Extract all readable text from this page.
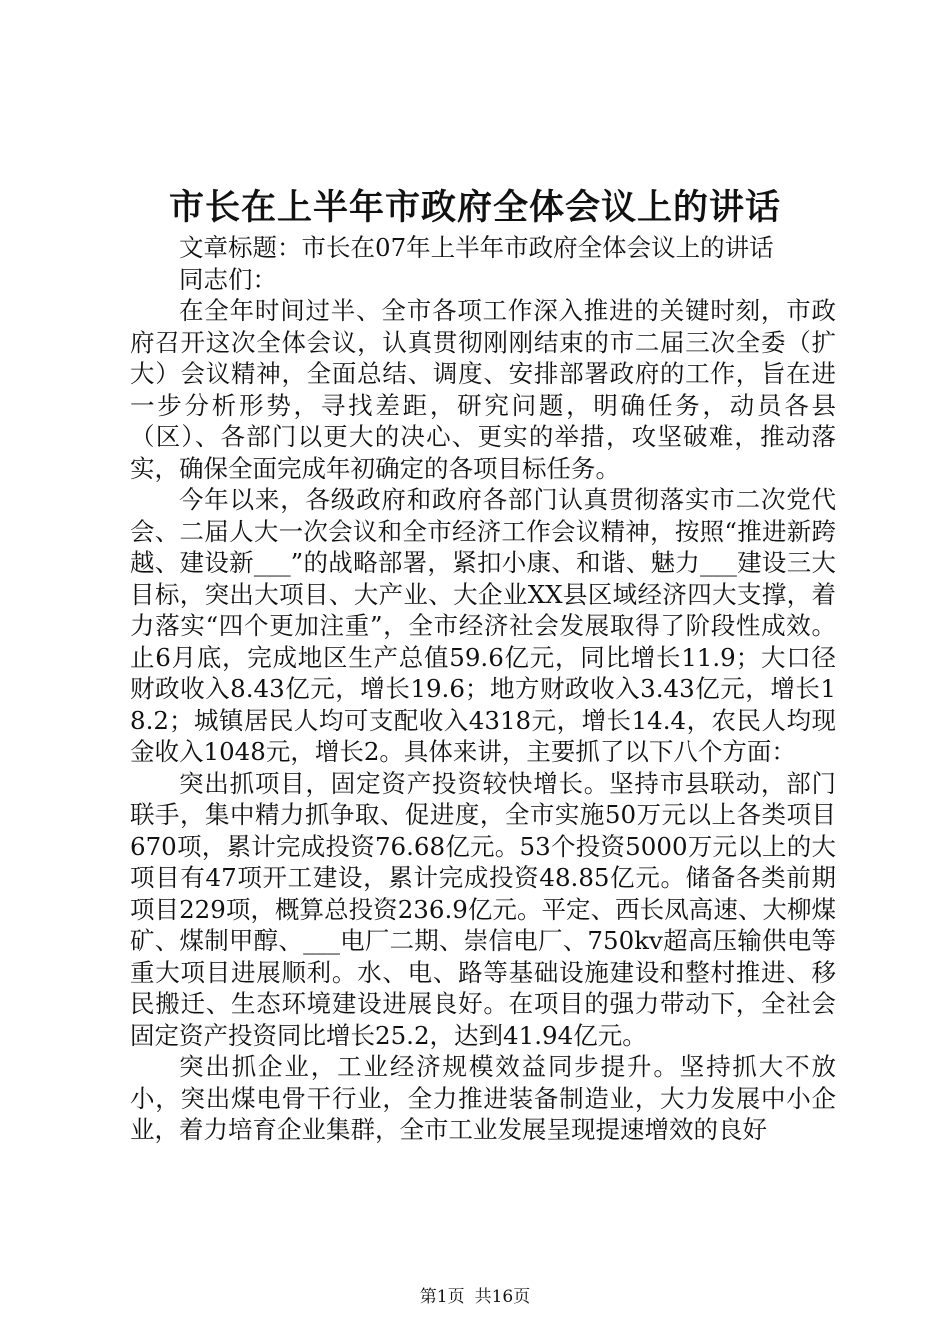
市长在上半年市政府全体会议上的讲话

文章标题：市长在07年上半年市政府全体会议上的讲话

同志们：

在全年时间过半、全市各项工作深入推进的关键时刻，市政府召开这次全体会议，认真贯彻刚刚结束的市二届三次全委（扩大）会议精神，全面总结、调度、安排部署政府的工作，旨在进一步分析形势，寻找差距，研究问题，明确任务，动员各县（区）、各部门以更大的决心、更实的举措，攻坚破难，推动落实，确保全面完成年初确定的各项目标任务。

今年以来，各级政府和政府各部门认真贯彻落实市二次党代会、二届人大一次会议和全市经济工作会议精神，按照“推进新跨越、建设新___”的战略部署，紧扣小康、和谐、魅力___建设三大目标，突出大项目、大产业、大企业XX县区域经济四大支撑，着力落实“四个更加注重”，全市经济社会发展取得了阶段性成效。止6月底，完成地区生产总值59.6亿元，同比增长11.9；大口径财政收入8.43亿元，增长19.6；地方财政收入3.43亿元，增长18.2；城镇居民人均可支配收入4318元，增长14.4，农民人均现金收入1048元，增长2。具体来讲，主要抓了以下八个方面：

突出抓项目，固定资产投资较快增长。坚持市县联动，部门联手，集中精力抓争取、促进度，全市实施50万元以上各类项目670项，累计完成投资76.68亿元。53个投资5000万元以上的大项目有47项开工建设，累计完成投资48.85亿元。储备各类前期项目229项，概算总投资236.9亿元。平定、西长凤高速、大柳煤矿、煤制甲醇、___电厂二期、崇信电厂、750kv超高压输供电等重大项目进展顺利。水、电、路等基础设施建设和整村推进、移民搬迁、生态环境建设进展良好。在项目的强力带动下，全社会固定资产投资同比增长25.2，达到41.94亿元。

突出抓企业，工业经济规模效益同步提升。坚持抓大不放小，突出煤电骨干行业，全力推进装备制造业，大力发展中小企业，着力培育企业集群，全市工业发展呈现提速增效的良好

第1页 共16页
